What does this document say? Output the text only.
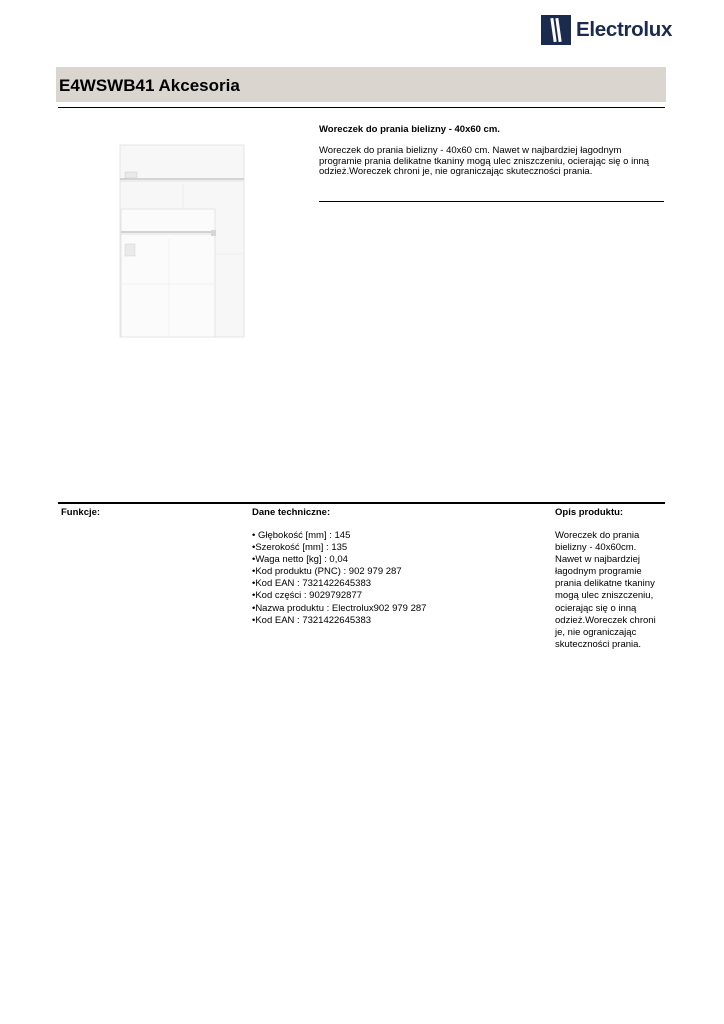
Electrolux
E4WSWB41 Akcesoria

Woreczek do prania bielizny - 40x60 cm.

Woreczek do prania bielizny - 40x60 cm. Nawet w najbardziej łagodnym programie prania delikatne tkaniny mogą ulec zniszczeniu, ocierając się o inną odzież.Woreczek chroni je, nie ograniczając skuteczności prania.

Funkcje:	Dane techniczne:
• Głębokość [mm] : 145
•Szerokość [mm] : 135
•Waga netto [kg] : 0,04
•Kod produktu (PNC) : 902 979 287
•Kod EAN : 7321422645383
•Kod części : 9029792877
•Nazwa produktu : Electrolux902 979 287
•Kod EAN : 7321422645383
Opis produktu:

Woreczek do prania bielizny - 40x60cm. Nawet w najbardziej łagodnym programie prania delikatne tkaniny mogą ulec zniszczeniu, ocierając się o inną odzież.Woreczek chroni je, nie ograniczając skuteczności prania.
